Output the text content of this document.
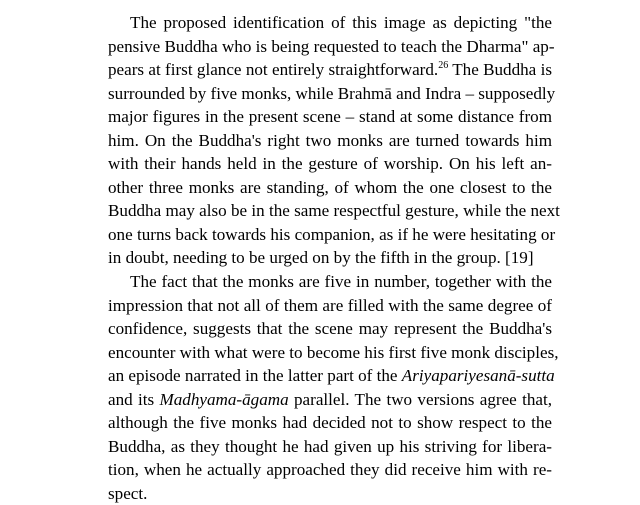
The proposed identification of this image as depicting "the
pensive Buddha who is being requested to teach the Dharma" ap-
pears at first glance not entirely straightforward.$^{26}$ The Buddha is
surrounded by five monks, while Brahmā and Indra – supposedly
major figures in the present scene – stand at some distance from
him. On the Buddha's right two monks are turned towards him
with their hands held in the gesture of worship. On his left an-
other three monks are standing, of whom the one closest to the
Buddha may also be in the same respectful gesture, while the next
one turns back towards his companion, as if he were hesitating or
in doubt, needing to be urged on by the fifth in the group. [19]
The fact that the monks are five in number, together with the
impression that not all of them are filled with the same degree of
confidence, suggests that the scene may represent the Buddha's
encounter with what were to become his first five monk disciples,
an episode narrated in the latter part of the Ariyapariyesanā-sutta
and its Madhyama-āgama parallel. The two versions agree that,
although the five monks had decided not to show respect to the
Buddha, as they thought he had given up his striving for libera-
tion, when he actually approached they did receive him with re-
spect.
